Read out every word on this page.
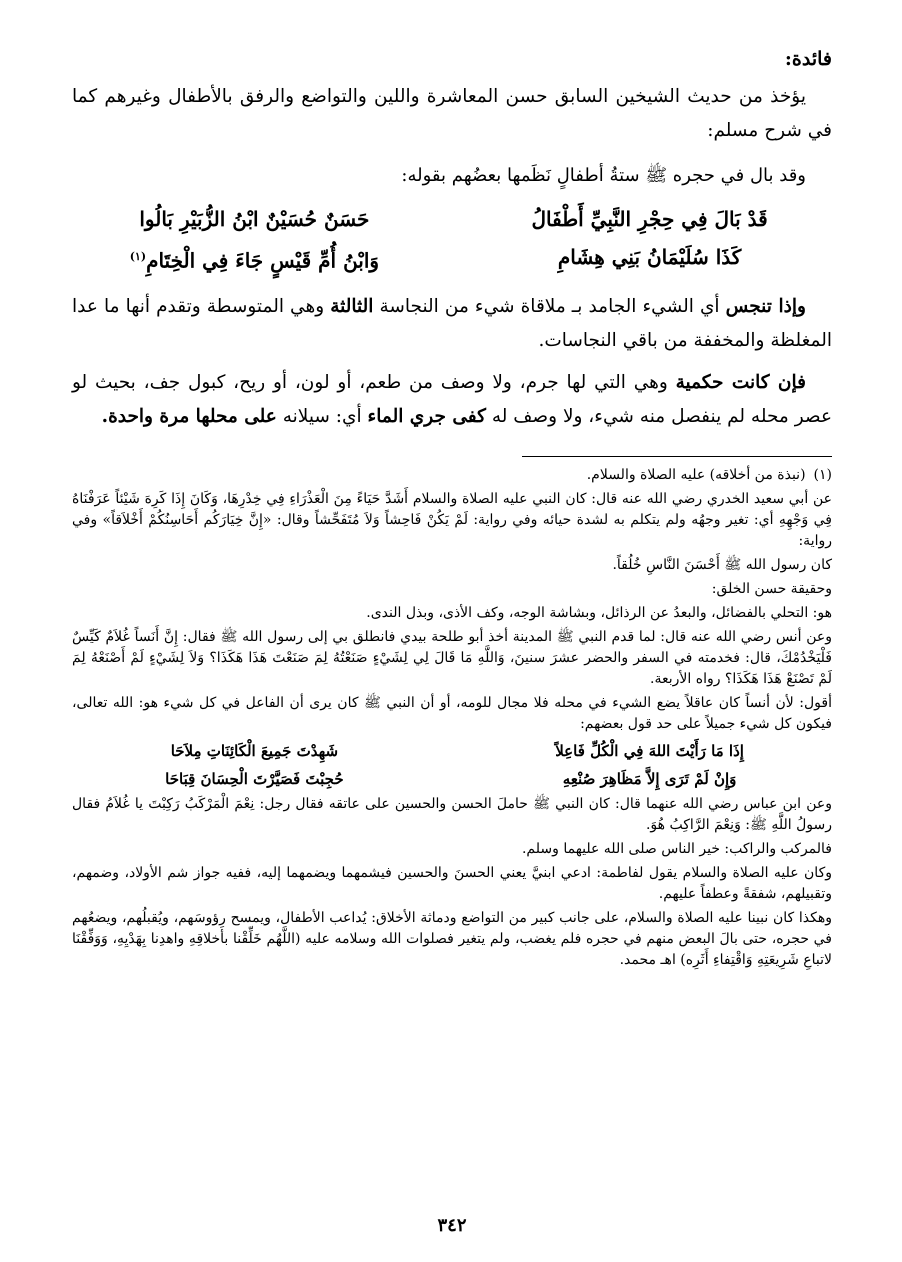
فائدة:

يؤخذ من حديث الشيخين السابق حسن المعاشرة واللين والتواضع والرفق بالأطفال وغيرهم كما في شرح مسلم:

وقد بال في حجره ﷺ ستةُ أطفالٍ نَظَمها بعضُهم بقوله:

قَدْ بَالَ فِي حِجْرِ النَّبِيِّ أَطْفَالُ
حَسَنٌ حُسَيْنٌ ابْنُ الزُّبَيْرِ بَالُوا
كَذَا سُلَيْمَانُ بَنِي هِشَامِ
وَابْنُ أُمِّ قَيْسٍ جَاءَ فِي الْخِتَامِ$^{(١)}$

وإذا تنجس أي الشيء الجامد بـ ملاقاة شيء من النجاسة الثالثة وهي المتوسطة وتقدم أنها ما عدا المغلظة والمخففة من باقي النجاسات.

فإن كانت حكمية وهي التي لها جرم، ولا وصف من طعم، أو لون، أو ريح، كبول جف، بحيث لو عصر محله لم ينفصل منه شيء، ولا وصف له كفى جري الماء أي: سيلانه على محلها مرة واحدة.

(١)(نبذة من أخلاقه) عليه الصلاة والسلام.

عن أبي سعيد الخدري رضي الله عنه قال: كان النبي عليه الصلاة والسلام أَشَدَّ حَيَاءً مِنَ الْعَذْرَاءِ فِي خِدْرِهَا، وَكَانَ إِذَا كَرِهَ شَيْئاً عَرَفْنَاهُ فِي وَجْهِهِ أي: تغير وجهُه ولم يتكلم به لشدة حيائه وفي رواية: لَمْ يَكُنْ فَاحِشاً وَلاَ مُتَفَحِّشاً وقال: «إِنَّ خِيَارَكُم أَحَاسِنُكُمْ أَخْلاَقاً» وفي رواية:

كان رسول الله ﷺ أَحْسَنَ النَّاسِ خُلُقاً.

وحقيقة حسن الخلق:

هو: التحلي بالفضائل، والبعدُ عن الرذائل، وبشاشة الوجه، وكف الأذى، وبذل الندى.

وعن أنس رضي الله عنه قال: لما قدم النبي ﷺ المدينة أخذ أبو طلحة بيدي فانطلق بي إلى رسول الله ﷺ فقال: إِنَّ أَنَساً غُلاَمٌ كَيِّسٌ فَلْيَخْدُمْكَ، قال: فخدمته في السفر والحضر عشرَ سنينَ، وَاللَّهِ مَا قَالَ لِي لِشَيْءٍ صَنَعْتُهُ لِمَ صَنَعْتَ هَذَا هَكَذَا؟ وَلاَ لِشَيْءٍ لَمْ أَصْنَعْهُ لِمَ لَمْ تَصْنَعْ هَذَا هَكَذَا؟ رواه الأربعة.

أقول: لأن أنساً كان عاقلاً يضع الشيء في محله فلا مجال للومه، أو أن النبي ﷺ كان يرى أن الفاعل في كل شيء هو: الله تعالى، فيكون كل شيء جميلاً على حد قول بعضهم:

إِذَا مَا رَأَيْتَ اللهَ فِي الْكُلِّ فَاعِلاً
شَهِدْتَ جَمِيعَ الْكَائِنَاتِ مِلاَحَا
وَإِنْ لَمْ تَرَى إِلاَّ مَظَاهِرَ صُنْعِهِ
حُجِبْتَ فَصَيَّرْتَ الْحِسَانَ قِبَاحَا

وعن ابن عباس رضي الله عنهما قال: كان النبي ﷺ حاملَ الحسن والحسين على عاتقه فقال رجل: نِعْمَ الْمَرْكَبُ رَكِبْتَ يا غُلاَمُ فقال رسولُ اللَّهِ ﷺ: وَنِعْمَ الرَّاكِبُ هُوَ.

فالمركب والراكب: خير الناس صلى الله عليهما وسلم.

وكان عليه الصلاة والسلام يقول لفاطمة: ادعي ابنيَّ يعني الحسنَ والحسين فيشمهما ويضمهما إليه، ففيه جواز شم الأولاد، وضمهم، وتقبيلهم، شفقةً وعطفاً عليهم.

وهكذا كان نبينا عليه الصلاة والسلام، على جانب كبير من التواضع ودماثة الأخلاق: يُداعب الأطفال، ويمسح رؤوسَهم، ويُقبلُهم، ويضعُهم في حجره، حتى بالَ البعض منهم في حجره فلم يغضب، ولم يتغير فصلوات الله وسلامه عليه (اللَّهُم خَلِّقْنا بأَخلاقِهِ واهدِنا بِهَدْيِهِ، وَوَفِّقْنَا لاتباعِ شَرِيعَتِهِ وَاقْتِفاءِ أَثَرِه) اهـ محمد.

٣٤٢
